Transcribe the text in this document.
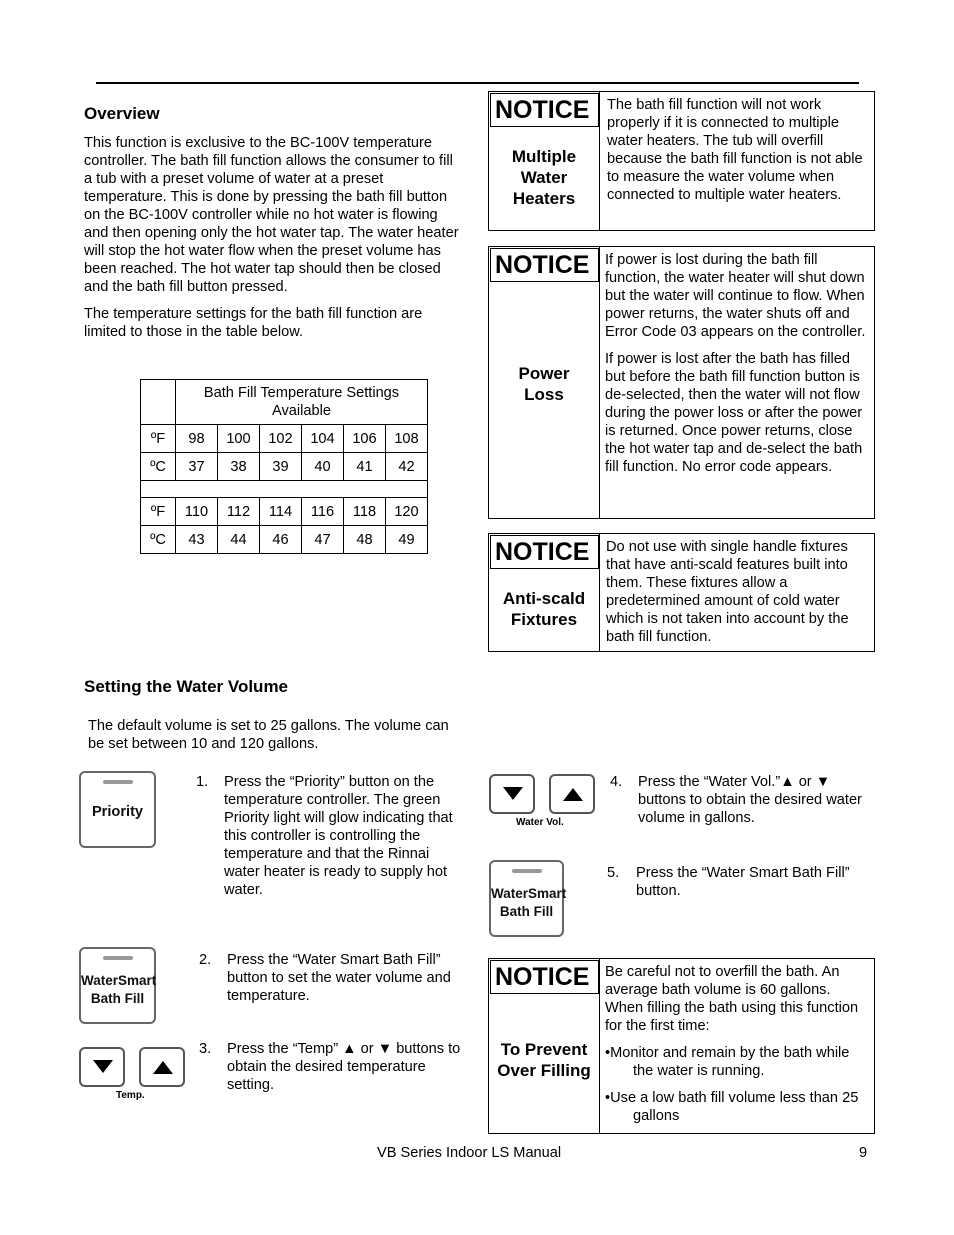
Overview

This function is exclusive to the BC-100V temperature controller. The bath fill function allows the consumer to fill a tub with a preset volume of water at a preset temperature. This is done by pressing the bath fill button on the BC-100V controller while no hot water is flowing and then opening only the hot water tap. The water heater will stop the hot water flow when the preset volume has been reached. The hot water tap should then be closed and the bath fill button pressed.

The temperature settings for the bath fill function are limited to those in the table below.

	Bath Fill Temperature Settings Available					
ºF	98	100	102	104	106	108
ºC	37	38	39	40	41	42

ºF	110	112	114	116	118	120
ºC	43	44	46	47	48	49
NOTICE
Multiple
Water
Heaters
The bath fill function will not work properly if it is connected to multiple water heaters. The tub will overfill because the bath fill function is not able to measure the water volume when connected to multiple water heaters.
NOTICE
Power
Loss

If power is lost during the bath fill function, the water heater will shut down but the water will continue to flow. When power returns, the water shuts off and Error Code 03 appears on the controller.

If power is lost after the bath has filled but before the bath fill function button is de-selected, then the water will not flow during the power loss or after the power is returned. Once power returns, close the hot water tap and de-select the bath fill function. No error code appears.

NOTICE
Anti-scald
Fixtures
Do not use with single handle fixtures that have anti-scald features built into them. These fixtures allow a predetermined amount of cold water which is not taken into account by the bath fill function.
Setting the Water Volume
The default volume is set to 25 gallons. The volume can be set between 10 and 120 gallons.
Priority
1. Press the “Priority” button on the temperature controller. The green Priority light will glow indicating that this controller is controlling the temperature and that the Rinnai water heater is ready to supply hot water.
WaterSmart
Bath Fill
2. Press the “Water Smart Bath Fill” button to set the water volume and temperature.
Temp.
3. Press the “Temp” ▲ or ▼ buttons to obtain the desired temperature setting.
Water Vol.
4. Press the “Water Vol.”▲ or ▼ buttons to obtain the desired water volume in gallons.
WaterSmart
Bath Fill
5. Press the “Water Smart Bath Fill” button.
NOTICE
To Prevent
Over Filling

Be careful not to overfill the bath. An average bath volume is 60 gallons. When filling the bath using this function for the first time:

•Monitor and remain by the bath while the water is running.

•Use a low bath fill volume less than 25 gallons

VB Series Indoor LS Manual	9
